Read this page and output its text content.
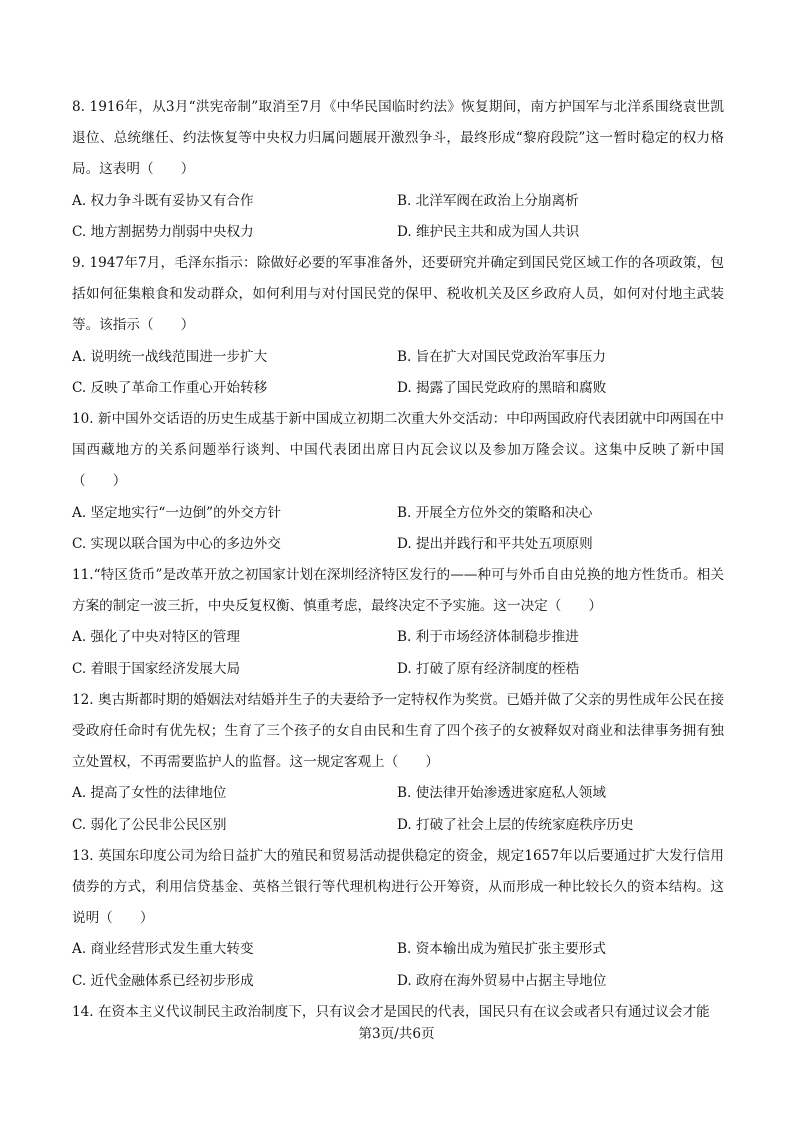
8. 1916年，从3月“洪宪帝制”取消至7月《中华民国临时约法》恢复期间，南方护国军与北洋系围绕袁世凯退位、总统继任、约法恢复等中央权力归属问题展开激烈争斗，最终形成“黎府段院”这一暂时稳定的权力格局。这表明（　　）

A. 权力争斗既有妥协又有合作	B. 北洋军阀在政治上分崩离析
C. 地方割据势力削弱中央权力	D. 维护民主共和成为国人共识

9. 1947年7月，毛泽东指示：除做好必要的军事准备外，还要研究并确定到国民党区域工作的各项政策，包括如何征集粮食和发动群众，如何利用与对付国民党的保甲、税收机关及区乡政府人员，如何对付地主武装等。该指示（　　）

A. 说明统一战线范围进一步扩大	B. 旨在扩大对国民党政治军事压力
C. 反映了革命工作重心开始转移	D. 揭露了国民党政府的黑暗和腐败

10. 新中国外交话语的历史生成基于新中国成立初期二次重大外交活动：中印两国政府代表团就中印两国在中国西藏地方的关系问题举行谈判、中国代表团出席日内瓦会议以及参加万隆会议。这集中反映了新中国（　　）

A. 坚定地实行“一边倒”的外交方针	B. 开展全方位外交的策略和决心
C. 实现以联合国为中心的多边外交	D. 提出并践行和平共处五项原则

11.“特区货币”是改革开放之初国家计划在深圳经济特区发行的——种可与外币自由兑换的地方性货币。相关方案的制定一波三折，中央反复权衡、慎重考虑，最终决定不予实施。这一决定（　　）

A. 强化了中央对特区的管理	B. 利于市场经济体制稳步推进
C. 着眼于国家经济发展大局	D. 打破了原有经济制度的桎梏

12. 奥古斯都时期的婚姻法对结婚并生子的夫妻给予一定特权作为奖赏。已婚并做了父亲的男性成年公民在接受政府任命时有优先权；生育了三个孩子的女自由民和生育了四个孩子的女被释奴对商业和法律事务拥有独立处置权，不再需要监护人的监督。这一规定客观上（　　）

A. 提高了女性的法律地位	B. 使法律开始渗透进家庭私人领域
C. 弱化了公民非公民区别	D. 打破了社会上层的传统家庭秩序历史

13. 英国东印度公司为给日益扩大的殖民和贸易活动提供稳定的资金，规定1657年以后要通过扩大发行信用债券的方式，利用信贷基金、英格兰银行等代理机构进行公开筹资，从而形成一种比较长久的资本结构。这说明（　　）

A. 商业经营形式发生重大转变	B. 资本输出成为殖民扩张主要形式
C. 近代金融体系已经初步形成	D. 政府在海外贸易中占据主导地位

14. 在资本主义代议制民主政治制度下，只有议会才是国民的代表，国民只有在议会或者只有通过议会才能

第3页/共6页
